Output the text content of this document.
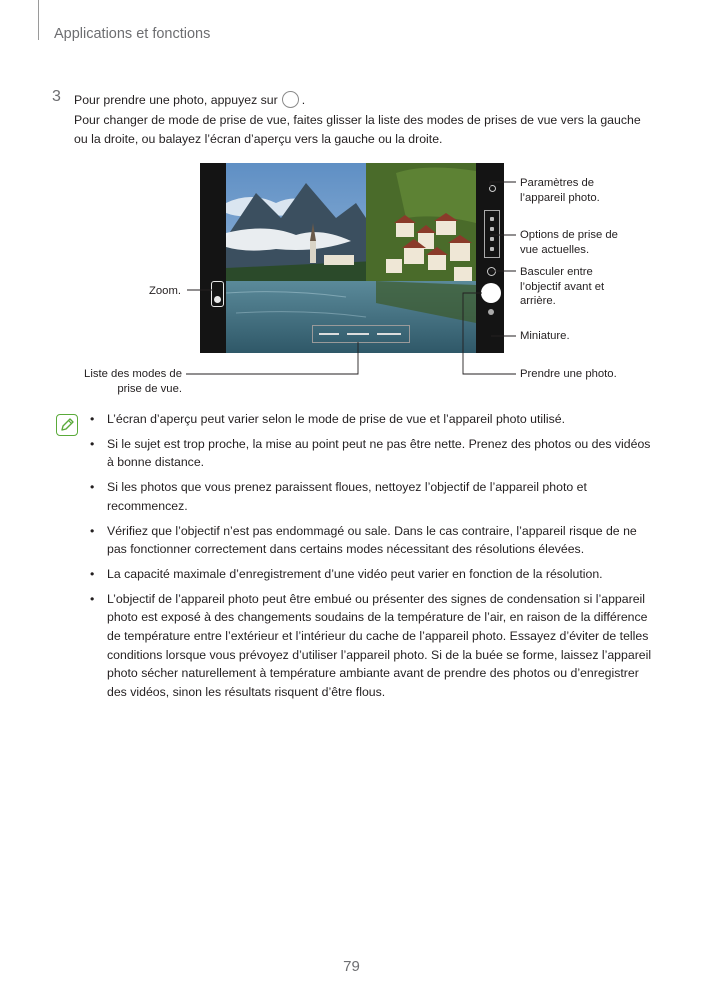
Applications et fonctions
3 Pour prendre une photo, appuyez sur .
Pour changer de mode de prise de vue, faites glisser la liste des modes de prises de vue vers la gauche ou la droite, ou balayez l’écran d’aperçu vers la gauche ou la droite.
Zoom.
Liste des modes de
prise de vue.
Paramètres de
l’appareil photo.
Options de prise de
vue actuelles.
Basculer entre
l’objectif avant et
arrière.
Miniature.
Prendre une photo.
• L’écran d’aperçu peut varier selon le mode de prise de vue et l’appareil photo utilisé.
• Si le sujet est trop proche, la mise au point peut ne pas être nette. Prenez des photos ou des vidéos à bonne distance.
• Si les photos que vous prenez paraissent floues, nettoyez l’objectif de l’appareil photo et recommencez.
• Vérifiez que l’objectif n’est pas endommagé ou sale. Dans le cas contraire, l’appareil risque de ne pas fonctionner correctement dans certains modes nécessitant des résolutions élevées.
• La capacité maximale d’enregistrement d’une vidéo peut varier en fonction de la résolution.
• L’objectif de l’appareil photo peut être embué ou présenter des signes de condensation si l’appareil photo est exposé à des changements soudains de la température de l’air, en raison de la différence de température entre l’extérieur et l’intérieur du cache de l’appareil photo. Essayez d’éviter de telles conditions lorsque vous prévoyez d’utiliser l’appareil photo. Si de la buée se forme, laissez l’appareil photo sécher naturellement à température ambiante avant de prendre des photos ou d’enregistrer des vidéos, sinon les résultats risquent d’être flous.
79
